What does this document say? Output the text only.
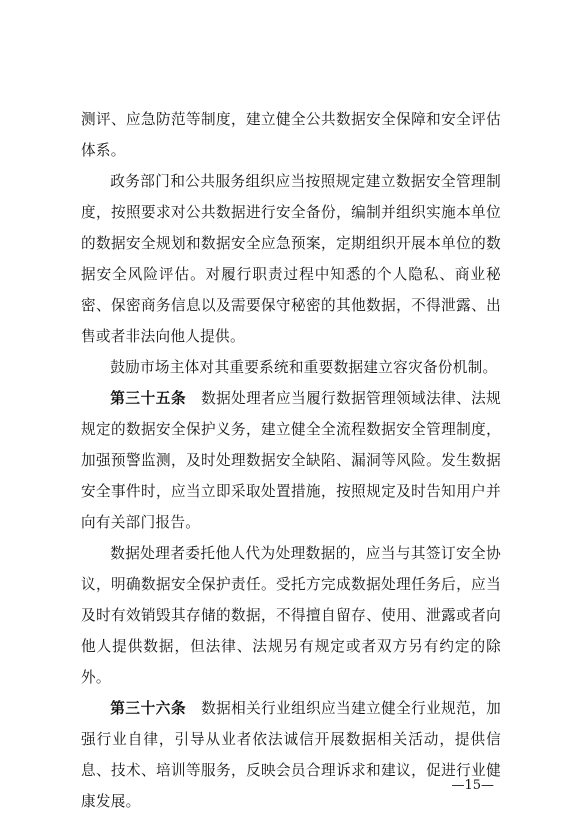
测评、应急防范等制度，建立健全公共数据安全保障和安全评估体系。

政务部门和公共服务组织应当按照规定建立数据安全管理制度，按照要求对公共数据进行安全备份，编制并组织实施本单位的数据安全规划和数据安全应急预案，定期组织开展本单位的数据安全风险评估。对履行职责过程中知悉的个人隐私、商业秘密、保密商务信息以及需要保守秘密的其他数据，不得泄露、出售或者非法向他人提供。

鼓励市场主体对其重要系统和重要数据建立容灾备份机制。

第三十五条　数据处理者应当履行数据管理领域法律、法规规定的数据安全保护义务，建立健全全流程数据安全管理制度，加强预警监测，及时处理数据安全缺陷、漏洞等风险。发生数据安全事件时，应当立即采取处置措施，按照规定及时告知用户并向有关部门报告。

数据处理者委托他人代为处理数据的，应当与其签订安全协议，明确数据安全保护责任。受托方完成数据处理任务后，应当及时有效销毁其存储的数据，不得擅自留存、使用、泄露或者向他人提供数据，但法律、法规另有规定或者双方另有约定的除外。

第三十六条　数据相关行业组织应当建立健全行业规范，加强行业自律，引导从业者依法诚信开展数据相关活动，提供信息、技术、培训等服务，反映会员合理诉求和建议，促进行业健康发展。

—15—
